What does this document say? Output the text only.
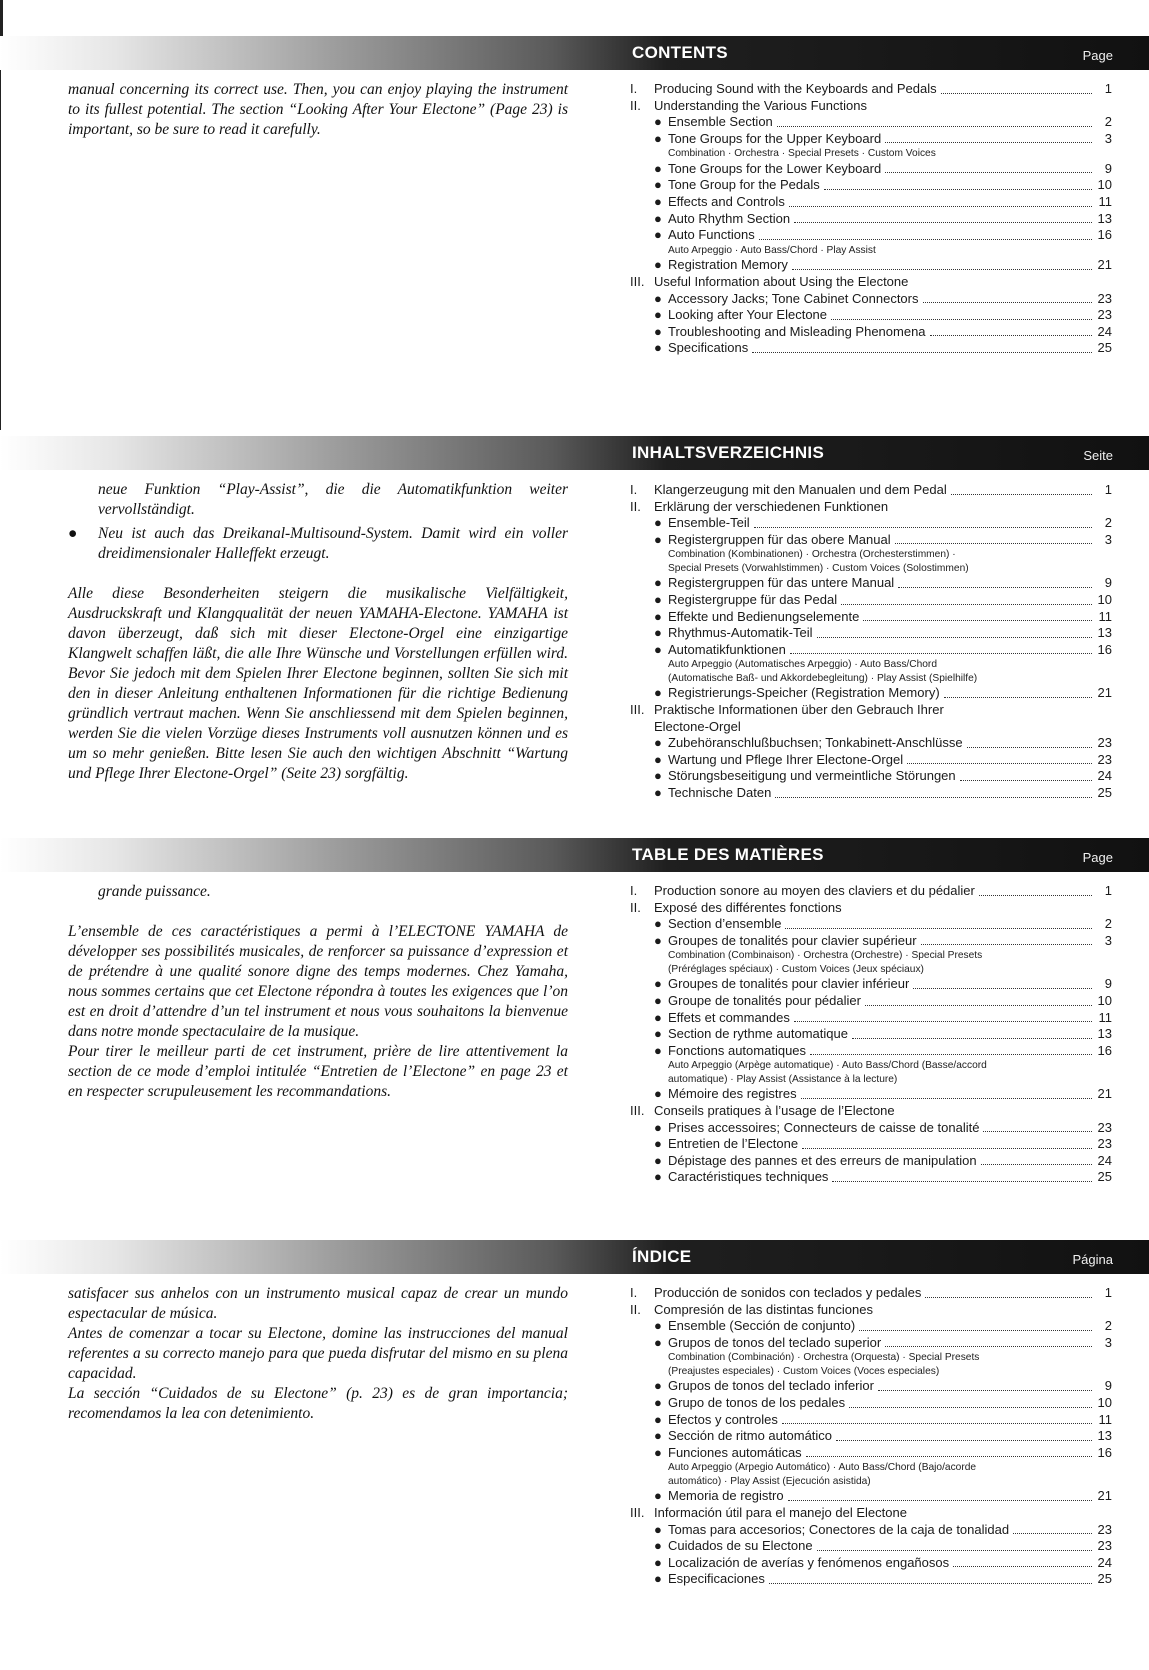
CONTENTS	Page

manual concerning its correct use. Then, you can enjoy playing the instrument to its fullest potential. The section “Looking After Your Electone” (Page 23) is important, so be sure to read it carefully.

I.	Producing Sound with the Keyboards and Pedals	1
II.	Understanding the Various Functions
● Ensemble Section	2
● Tone Groups for the Upper Keyboard	3
Combination · Orchestra · Special Presets · Custom Voices
● Tone Groups for the Lower Keyboard	9
● Tone Group for the Pedals	10
● Effects and Controls	11
● Auto Rhythm Section	13
● Auto Functions	16
Auto Arpeggio · Auto Bass/Chord · Play Assist
● Registration Memory	21
III. Useful Information about Using the Electone
● Accessory Jacks; Tone Cabinet Connectors	23
● Looking after Your Electone	23
● Troubleshooting and Misleading Phenomena	24
● Specifications	25
INHALTSVERZEICHNIS	Seite

neue Funktion “Play-Assist”, die die Automatikfunktion weiter vervollständigt.

● Neu ist auch das Dreikanal-Multisound-System. Damit wird ein voller dreidimensionaler Halleffekt erzeugt.

Alle diese Besonderheiten steigern die musikalische Vielfältigkeit, Ausdruckskraft und Klangqualität der neuen YAMAHA-Electone. YAMAHA ist davon überzeugt, daß sich mit dieser Electone-Orgel eine einzigartige Klangwelt schaffen läßt, die alle Ihre Wünsche und Vorstellungen erfüllen wird. Bevor Sie jedoch mit dem Spielen Ihrer Electone beginnen, sollten Sie sich mit den in dieser Anleitung enthaltenen Informationen für die richtige Bedienung gründlich vertraut machen. Wenn Sie anschliessend mit dem Spielen beginnen, werden Sie die vielen Vorzüge dieses Instruments voll ausnutzen können und es um so mehr genießen. Bitte lesen Sie auch den wichtigen Abschnitt “Wartung und Pflege Ihrer Electone-Orgel” (Seite 23) sorgfältig.

I.	Klangerzeugung mit den Manualen und dem Pedal	1
II.	Erklärung der verschiedenen Funktionen
● Ensemble-Teil	2
● Registergruppen für das obere Manual	3
Combination (Kombinationen) · Orchestra (Orchesterstimmen) ·
Special Presets (Vorwahlstimmen) · Custom Voices (Solostimmen)
● Registergruppen für das untere Manual	9
● Registergruppe für das Pedal	10
● Effekte und Bedienungselemente	11
● Rhythmus-Automatik-Teil	13
● Automatikfunktionen	16
Auto Arpeggio (Automatisches Arpeggio) · Auto Bass/Chord
(Automatische Baß- und Akkordebegleitung) · Play Assist (Spielhilfe)
● Registrierungs-Speicher (Registration Memory)	21
III. Praktische Informationen über den Gebrauch Ihrer
Electone-Orgel
● Zubehöranschlußbuchsen; Tonkabinett-Anschlüsse	23
● Wartung und Pflege Ihrer Electone-Orgel	23
● Störungsbeseitigung und vermeintliche Störungen	24
● Technische Daten	25
TABLE DES MATIÈRES	Page

grande puissance.

L’ensemble de ces caractéristiques a permi à l’ELECTONE YAMAHA de développer ses possibilités musicales, de renforcer sa puissance d’expression et de prétendre à une qualité sonore digne des temps modernes. Chez Yamaha, nous sommes certains que cet Electone répondra à toutes les exigences que l’on est en droit d’attendre d’un tel instrument et nous vous souhaitons la bienvenue dans notre monde spectaculaire de la musique.

Pour tirer le meilleur parti de cet instrument, prière de lire attentivement la section de ce mode d’emploi intitulée “Entretien de l’Electone” en page 23 et en respecter scrupuleusement les recommandations.

I.	Production sonore au moyen des claviers et du pédalier	1
II.	Exposé des différentes fonctions
● Section d’ensemble	2
● Groupes de tonalités pour clavier supérieur	3
Combination (Combinaison) · Orchestra (Orchestre) · Special Presets
(Préréglages spéciaux) · Custom Voices (Jeux spéciaux)
● Groupes de tonalités pour clavier inférieur	9
● Groupe de tonalités pour pédalier	10
● Effets et commandes	11
● Section de rythme automatique	13
● Fonctions automatiques	16
Auto Arpeggio (Arpège automatique) · Auto Bass/Chord (Basse/accord
automatique) · Play Assist (Assistance à la lecture)
● Mémoire des registres	21
III. Conseils pratiques à l’usage de l’Electone
● Prises accessoires; Connecteurs de caisse de tonalité	23
● Entretien de l’Electone	23
● Dépistage des pannes et des erreurs de manipulation	24
● Caractéristiques techniques	25
ÍNDICE	Página

satisfacer sus anhelos con un instrumento musical capaz de crear un mundo espectacular de música.

Antes de comenzar a tocar su Electone, domine las instrucciones del manual referentes a su correcto manejo para que pueda disfrutar del mismo en su plena capacidad.

La sección “Cuidados de su Electone” (p. 23) es de gran importancia; recomendamos la lea con detenimiento.

I.	Producción de sonidos con teclados y pedales	1
II.	Compresión de las distintas funciones
● Ensemble (Sección de conjunto)	2
● Grupos de tonos del teclado superior	3
Combination (Combinación) · Orchestra (Orquesta) · Special Presets
(Preajustes especiales) · Custom Voices (Voces especiales)
● Grupos de tonos del teclado inferior	9
● Grupo de tonos de los pedales	10
● Efectos y controles	11
● Sección de ritmo automático	13
● Funciones automáticas	16
Auto Arpeggio (Arpegio Automático) · Auto Bass/Chord (Bajo/acorde
automático) · Play Assist (Ejecución asistida)
● Memoria de registro	21
III. Información útil para el manejo del Electone
● Tomas para accesorios; Conectores de la caja de tonalidad	23
● Cuidados de su Electone	23
● Localización de averías y fenómenos engañosos	24
● Especificaciones	25
